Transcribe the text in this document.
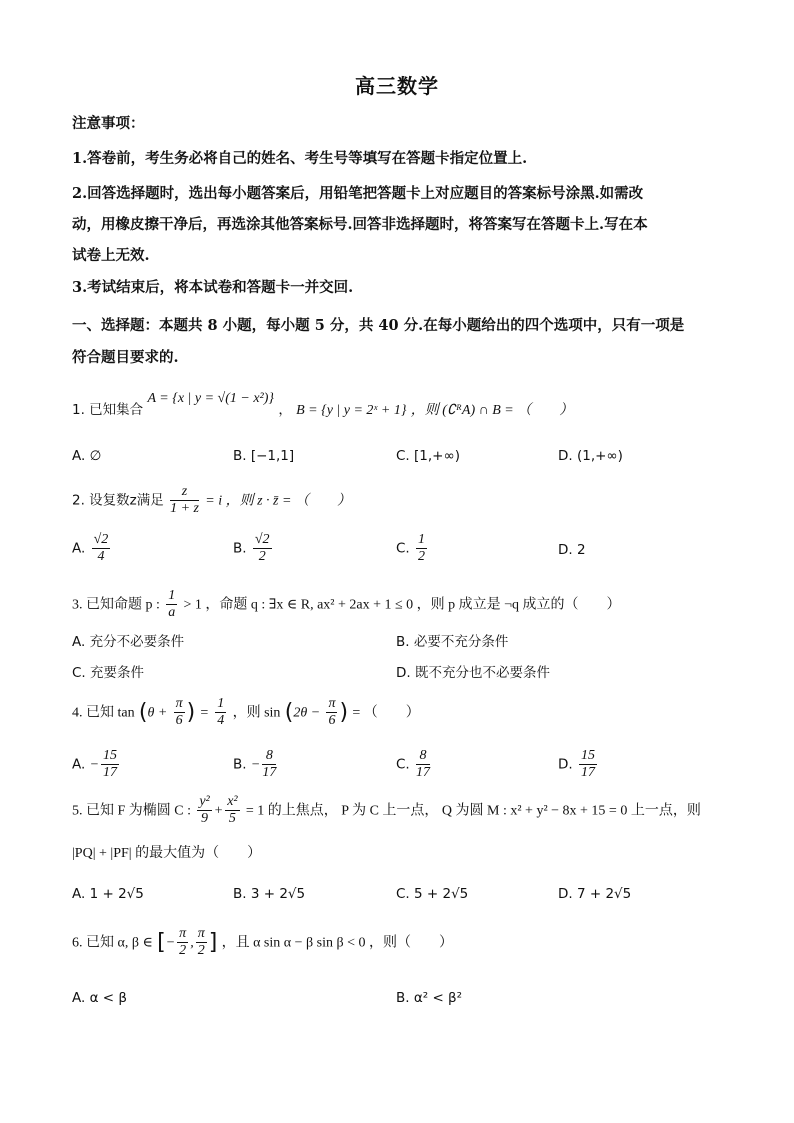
高三数学
注意事项：
1.答卷前，考生务必将自己的姓名、考生号等填写在答题卡指定位置上.
2.回答选择题时，选出每小题答案后，用铅笔把答题卡上对应题目的答案标号涂黑.如需改
动，用橡皮擦干净后，再选涂其他答案标号.回答非选择题时，将答案写在答题卡上.写在本
试卷上无效.
3.考试结束后，将本试卷和答题卡一并交回.
一、选择题：本题共 8 小题，每小题 5 分，共 40 分.在每小题给出的四个选项中，只有一项是
符合题目要求的.
1. 已知集合 A = {x | y = √(1 − x²)} ， B = {y | y = 2ˣ + 1} ，则 (∁ᴿA) ∩ B = （　　）
A. ∅	B. [−1,1]	C. [1,+∞)	D. (1,+∞)
2. 设复数z满足 $\frac{z}{1 + z} = i$ ，则 z · z̄ = （　　）
A. $\frac{√2}{4}$	B. $\frac{√2}{2}$	C. $\frac{1}{2}$	D. 2
3. 已知命题 p : $\frac{1}{a} > 1$ ，命题 q : ∃x ∈ R, ax² + 2ax + 1 ≤ 0 ，则 p 成立是 ¬q 成立的（　　）
A. 充分不必要条件	B. 必要不充分条件
C. 充要条件	D. 既不充分也不必要条件
4. 已知 $\tan (\theta + \frac{\pi}{6}$ ) = $\frac{1}{4}$ ，则 $\sin (2\theta - \frac{\pi}{6}$ ) = （　　）
A. − $\frac{15}{17}$	B. − $\frac{8}{17}$	C. $\frac{8}{17}$	D. $\frac{15}{17}$
5. 已知 F 为椭圆 C : $\frac{\text{y²}}{9} + \frac{\text{x²}}{5} = 1$ 的上焦点， P 为 C 上一点， Q 为圆 M : x² + y² − 8x + 15 = 0 上一点，则
|PQ| + |PF| 的最大值为（　　）
A. 1 + 2√5	B. 3 + 2√5	C. 5 + 2√5	D. 7 + 2√5
6. 已知 α, β ∈ [− $\frac{\pi}{2}$ , $\frac{\pi}{2}$ ] ，且 α sin α − β sin β < 0 ，则（　　）
A. α < β	B. α² < β²
